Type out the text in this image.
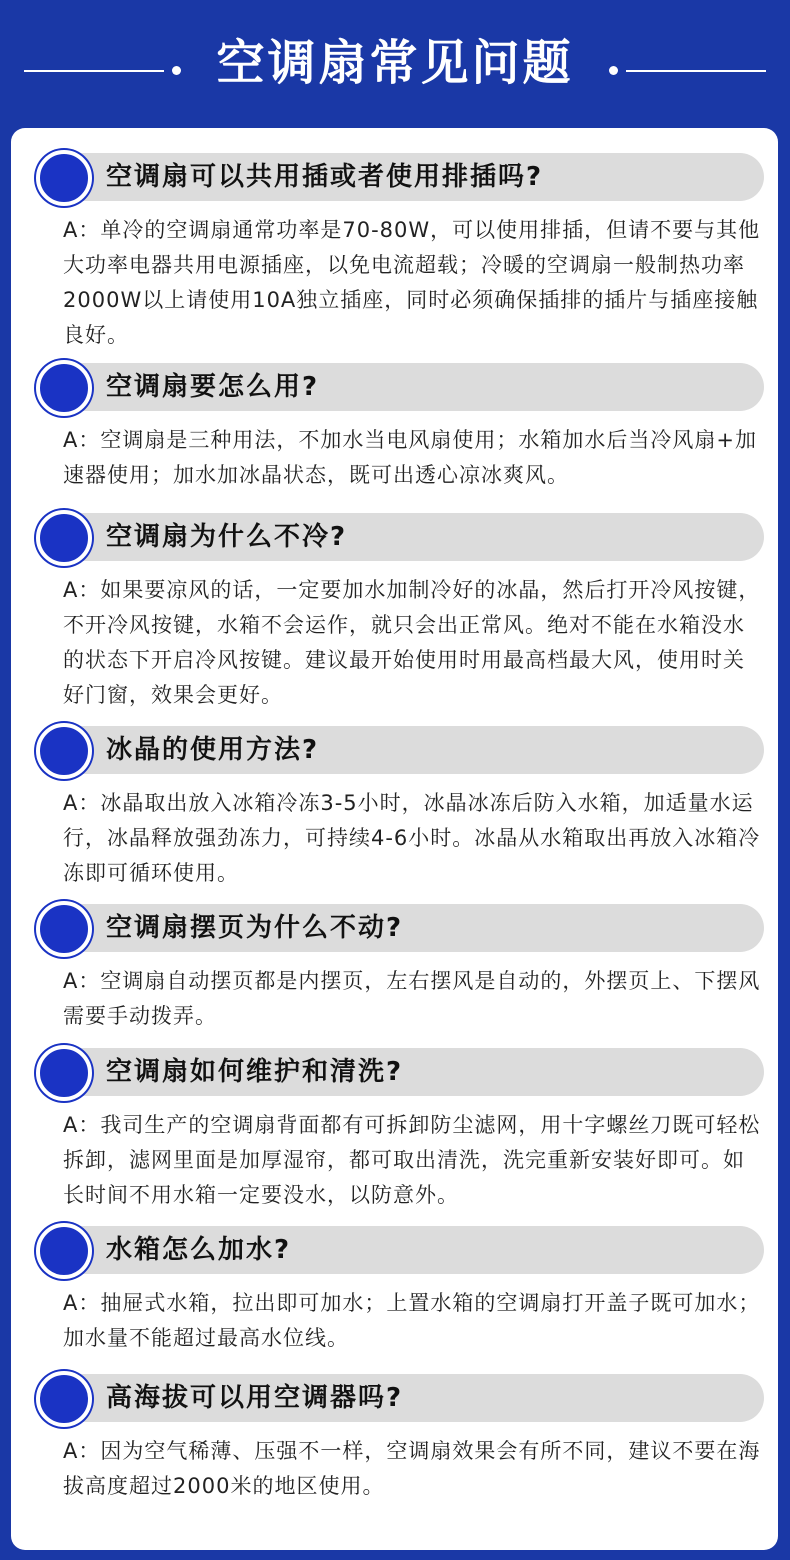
空调扇常见问题
空调扇可以共用插或者使用排插吗?
A：单冷的空调扇通常功率是70-80W，可以使用排插，但请不要与其他大功率电器共用电源插座，以免电流超载；冷暖的空调扇一般制热功率2000W以上请使用10A独立插座，同时必须确保插排的插片与插座接触良好。
空调扇要怎么用?
A：空调扇是三种用法，不加水当电风扇使用；水箱加水后当冷风扇+加速器使用；加水加冰晶状态，既可出透心凉冰爽风。
空调扇为什么不冷?
A：如果要凉风的话，一定要加水加制冷好的冰晶，然后打开冷风按键，不开冷风按键，水箱不会运作，就只会出正常风。绝对不能在水箱没水的状态下开启冷风按键。建议最开始使用时用最高档最大风，使用时关好门窗，效果会更好。
冰晶的使用方法?
A：冰晶取出放入冰箱冷冻3-5小时，冰晶冰冻后防入水箱，加适量水运行，冰晶释放强劲冻力，可持续4-6小时。冰晶从水箱取出再放入冰箱冷冻即可循环使用。
空调扇摆页为什么不动?
A：空调扇自动摆页都是内摆页，左右摆风是自动的，外摆页上、下摆风需要手动拨弄。
空调扇如何维护和清洗?
A：我司生产的空调扇背面都有可拆卸防尘滤网，用十字螺丝刀既可轻松拆卸，滤网里面是加厚湿帘，都可取出清洗，洗完重新安装好即可。如长时间不用水箱一定要没水，以防意外。
水箱怎么加水?
A：抽屉式水箱，拉出即可加水；上置水箱的空调扇打开盖子既可加水；加水量不能超过最高水位线。
高海拔可以用空调器吗?
A：因为空气稀薄、压强不一样，空调扇效果会有所不同，建议不要在海拔高度超过2000米的地区使用。
